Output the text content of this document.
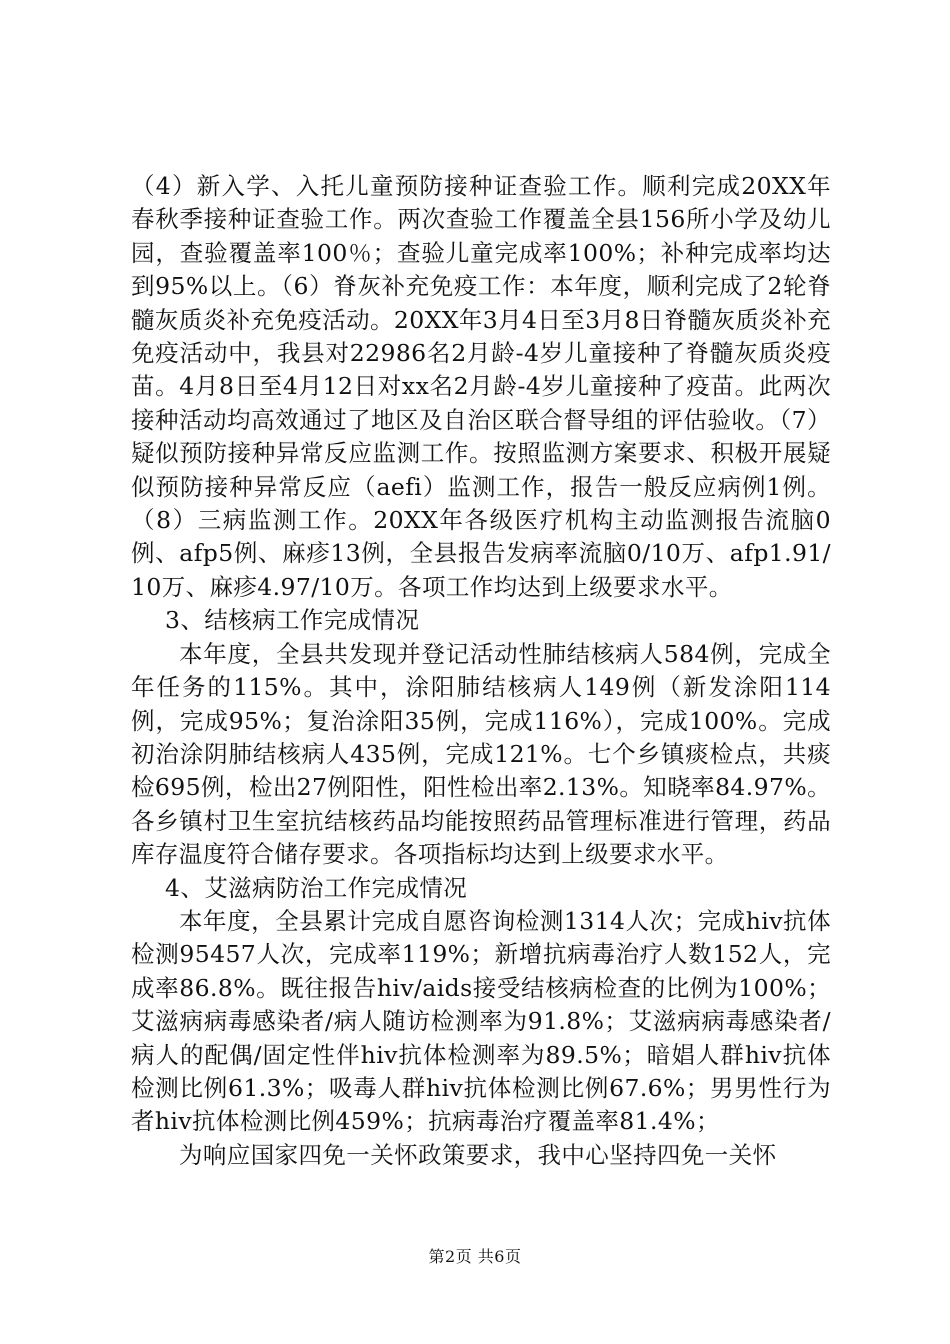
（4）新入学、入托儿童预防接种证查验工作。顺利完成20XX年春秋季接种证查验工作。两次查验工作覆盖全县156所小学及幼儿园，查验覆盖率100％；查验儿童完成率100%；补种完成率均达到95%以上。（6）脊灰补充免疫工作：本年度，顺利完成了2轮脊髓灰质炎补充免疫活动。20XX年3月4日至3月8日脊髓灰质炎补充免疫活动中，我县对22986名2月龄-4岁儿童接种了脊髓灰质炎疫苗。4月8日至4月12日对xx名2月龄-4岁儿童接种了疫苗。此两次接种活动均高效通过了地区及自治区联合督导组的评估验收。（7）疑似预防接种异常反应监测工作。按照监测方案要求、积极开展疑似预防接种异常反应（aefi）监测工作，报告一般反应病例1例。（8）三病监测工作。20XX年各级医疗机构主动监测报告流脑0例、afp5例、麻疹13例，全县报告发病率流脑0/10万、afp1.91/10万、麻疹4.97/10万。各项工作均达到上级要求水平。

3、结核病工作完成情况

本年度，全县共发现并登记活动性肺结核病人584例，完成全年任务的115%。其中，涂阳肺结核病人149例（新发涂阳114例，完成95%；复治涂阳35例，完成116%），完成100%。完成初治涂阴肺结核病人435例，完成121%。七个乡镇痰检点，共痰检695例，检出27例阳性，阳性检出率2.13%。知晓率84.97%。各乡镇村卫生室抗结核药品均能按照药品管理标准进行管理，药品库存温度符合储存要求。各项指标均达到上级要求水平。

4、艾滋病防治工作完成情况

本年度，全县累计完成自愿咨询检测1314人次；完成hiv抗体检测95457人次，完成率119%；新增抗病毒治疗人数152人，完成率86.8%。既往报告hiv/aids接受结核病检查的比例为100%；艾滋病病毒感染者/病人随访检测率为91.8%；艾滋病病毒感染者/病人的配偶/固定性伴hiv抗体检测率为89.5%；暗娼人群hiv抗体检测比例61.3%；吸毒人群hiv抗体检测比例67.6%；男男性行为者hiv抗体检测比例459%；抗病毒治疗覆盖率81.4%；

为响应国家四免一关怀政策要求，我中心坚持四免一关怀

第2页 共6页
